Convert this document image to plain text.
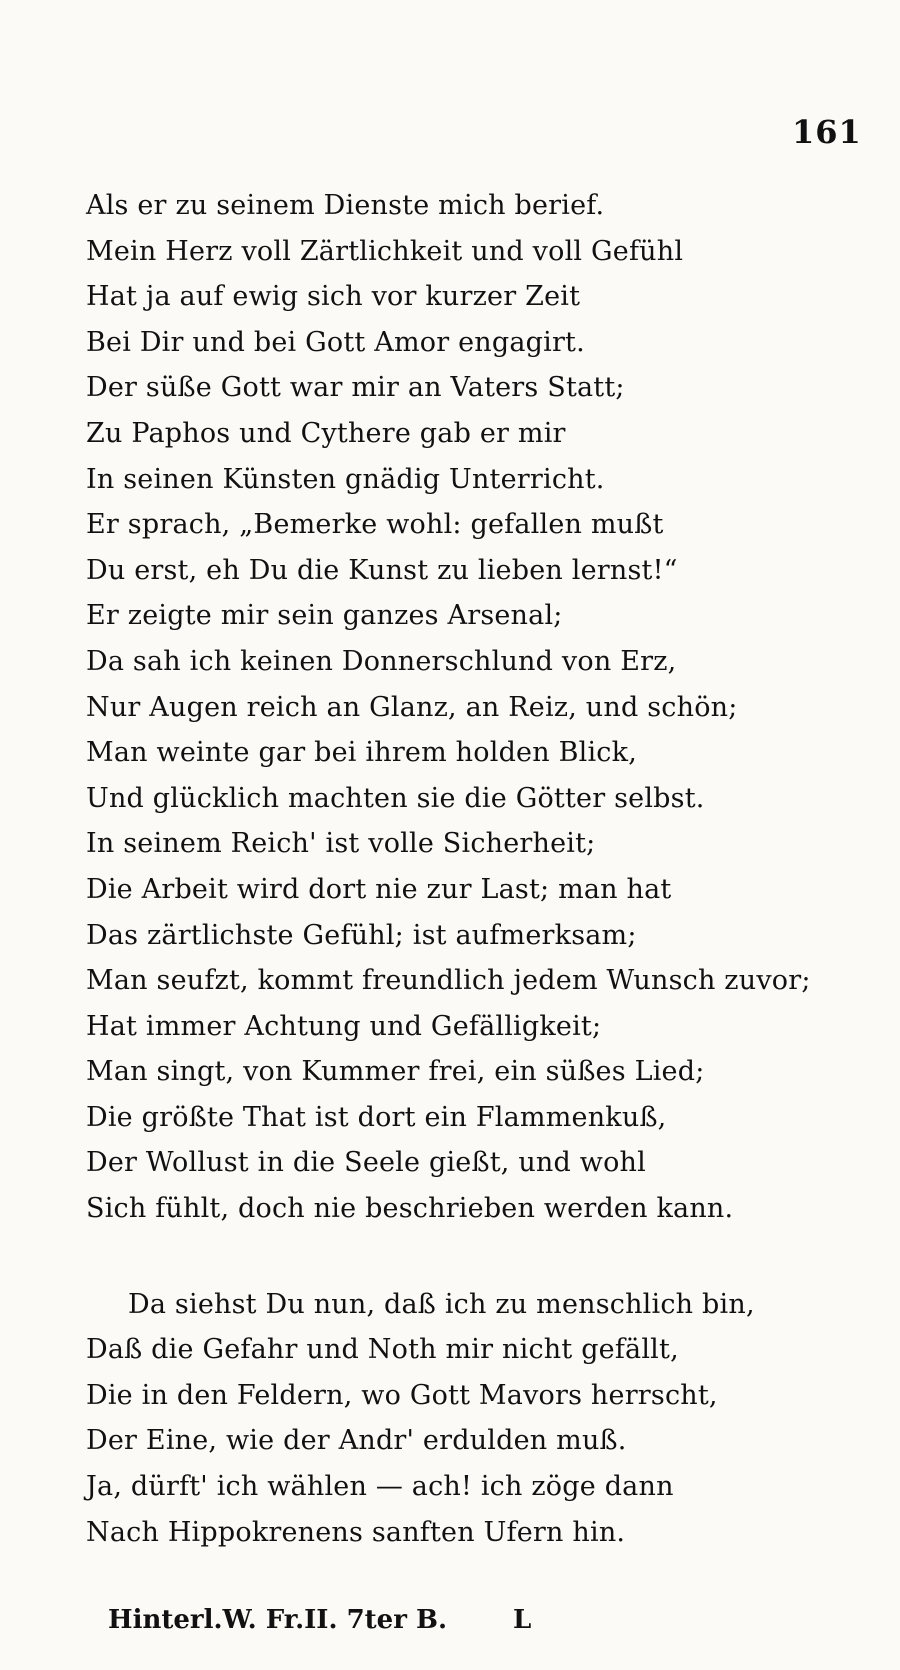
161
Als er zu seinem Dienste mich berief.
Mein Herz voll Zärtlichkeit und voll Gefühl
Hat ja auf ewig sich vor kurzer Zeit
Bei Dir und bei Gott Amor engagirt.
Der süße Gott war mir an Vaters Statt;
Zu Paphos und Cythere gab er mir
In seinen Künsten gnädig Unterricht.
Er sprach, „Bemerke wohl: gefallen mußt
Du erst, eh Du die Kunst zu lieben lernst!“
Er zeigte mir sein ganzes Arsenal;
Da sah ich keinen Donnerschlund von Erz,
Nur Augen reich an Glanz, an Reiz, und schön;
Man weinte gar bei ihrem holden Blick,
Und glücklich machten sie die Götter selbst.
In seinem Reich' ist volle Sicherheit;
Die Arbeit wird dort nie zur Last; man hat
Das zärtlichste Gefühl; ist aufmerksam;
Man seufzt, kommt freundlich jedem Wunsch zuvor;
Hat immer Achtung und Gefälligkeit;
Man singt, von Kummer frei, ein süßes Lied;
Die größte That ist dort ein Flammenkuß,
Der Wollust in die Seele gießt, und wohl
Sich fühlt, doch nie beschrieben werden kann.
Da siehst Du nun, daß ich zu menschlich bin,
Daß die Gefahr und Noth mir nicht gefällt,
Die in den Feldern, wo Gott Mavors herrscht,
Der Eine, wie der Andr' erdulden muß.
Ja, dürft' ich wählen — ach! ich zöge dann
Nach Hippokrenens sanften Ufern hin.
Hinterl.W. Fr.II. 7ter B.	L
